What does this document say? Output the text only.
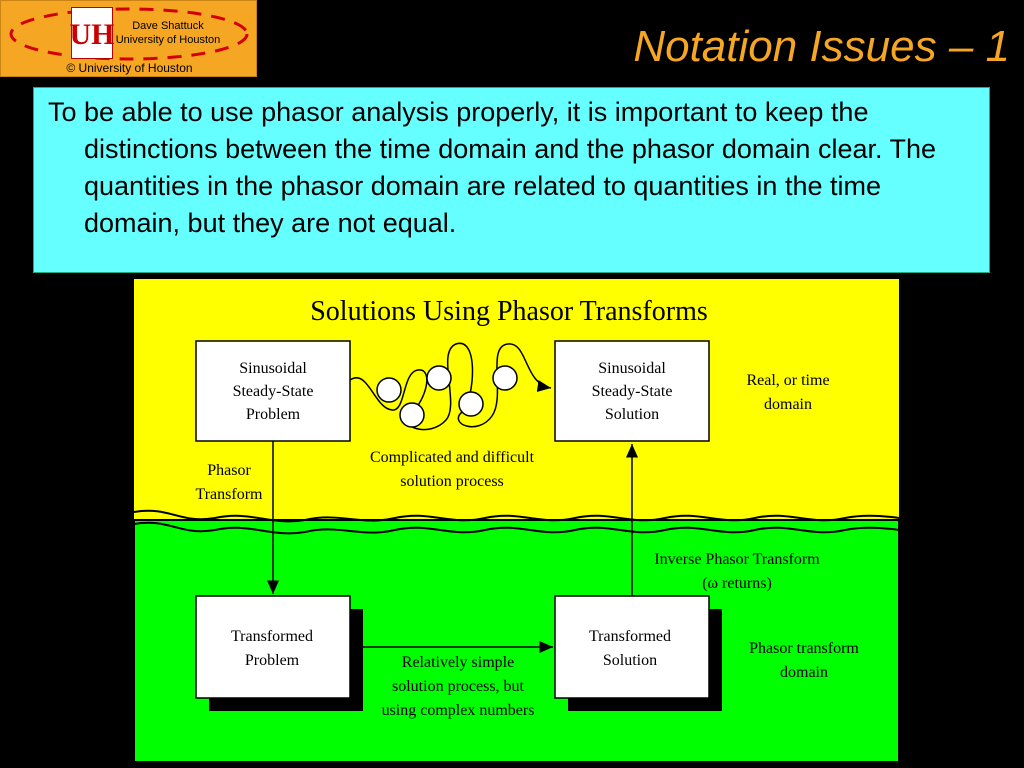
UH	Dave Shattuck
University of Houston
© University of Houston	Notation Issues – 1

To be able to use phasor analysis properly, it is important to keep the distinctions between the time domain and the phasor domain clear. The quantities in the phasor domain are related to quantities in the time domain, but they are not equal.

Solutions Using Phasor Transforms
Sinusoidal
Steady-State
Problem
Sinusoidal
Steady-State
Solution
Real, or time
domain
Complicated and difficult
solution process
Phasor
Transform
Inverse Phasor Transform
(ω returns)
Transformed
Problem
Transformed
Solution
Relatively simple
solution process, but
using complex numbers
Phasor transform
domain
